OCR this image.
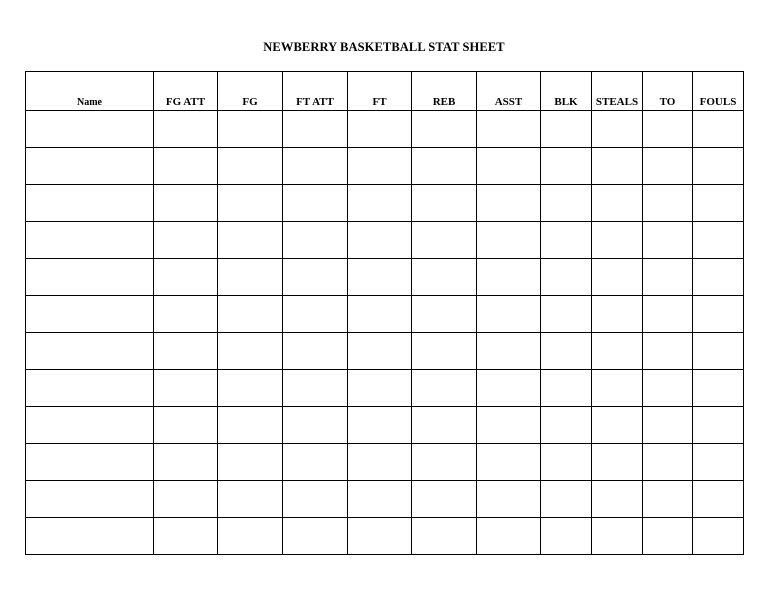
NEWBERRY BASKETBALL STAT SHEET
Name	FG ATT	FG	FT ATT	FT	REB	ASST	BLK	STEALS	TO	FOULS
